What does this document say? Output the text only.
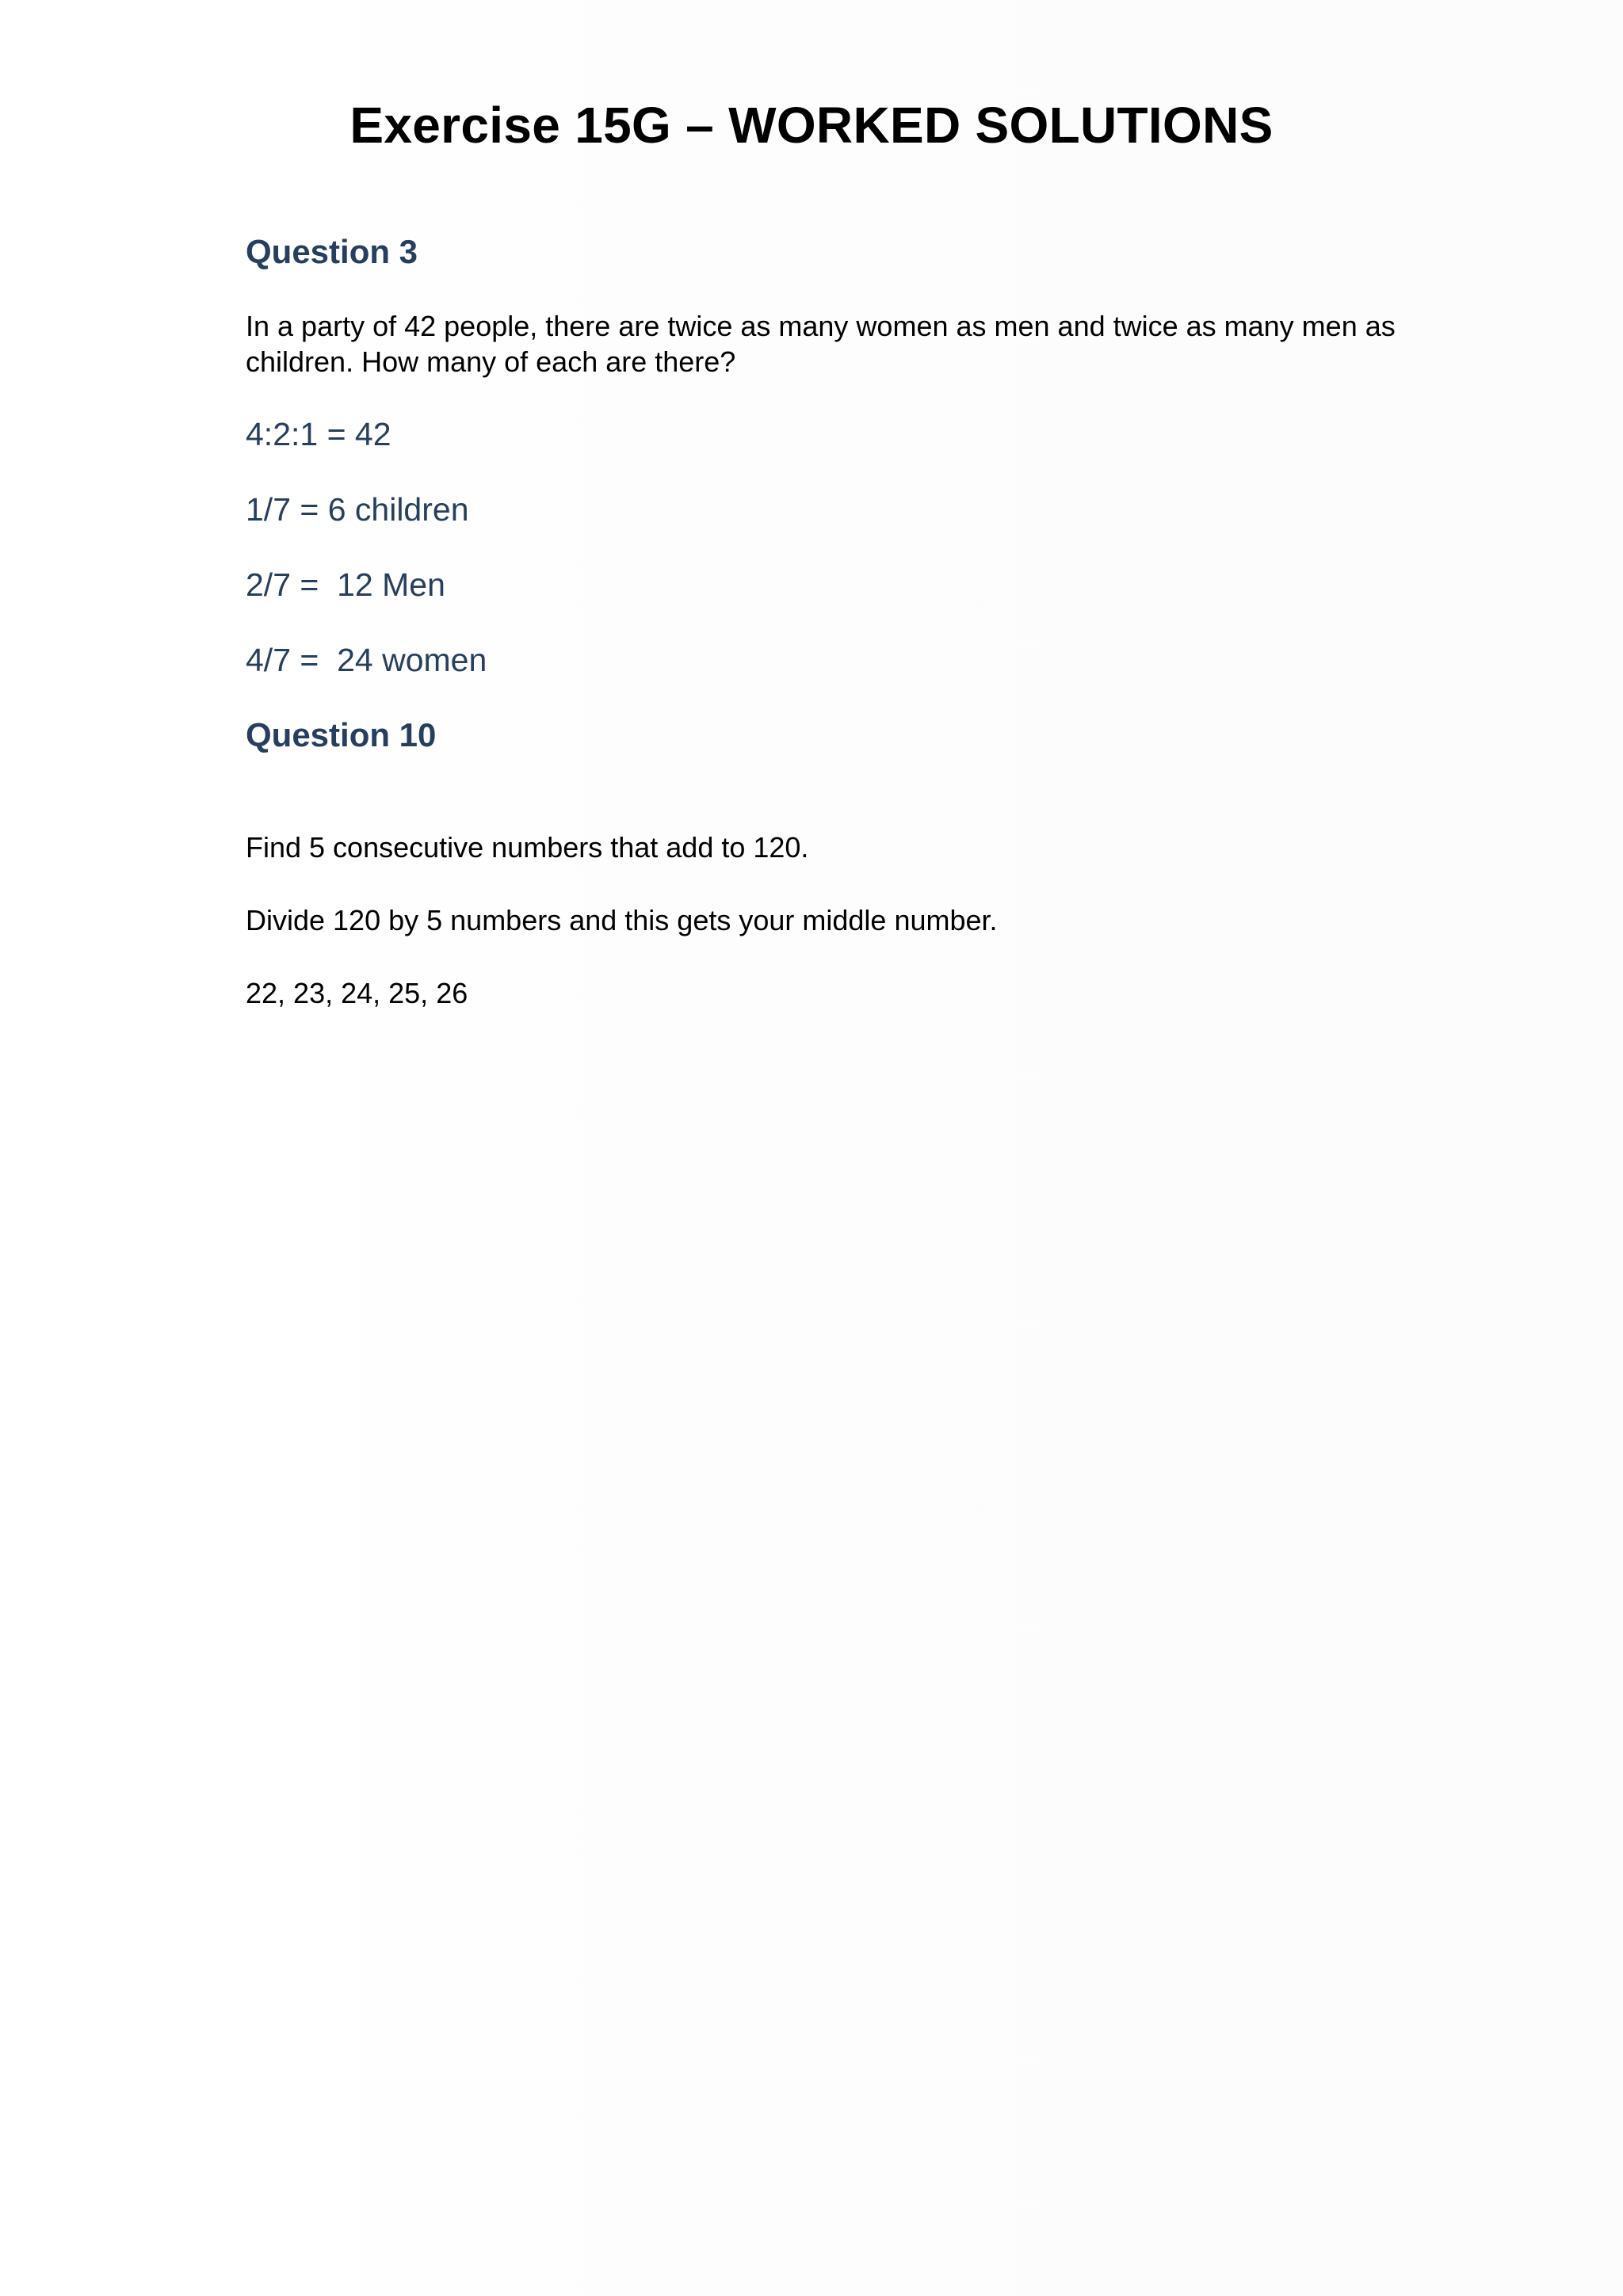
Exercise 15G – WORKED SOLUTIONS
Question 3
In a party of 42 people, there are twice as many women as men and twice as many men as children. How many of each are there?
4:2:1 = 42
1/7 = 6 children
2/7 =  12 Men
4/7 =  24 women
Question 10
Find 5 consecutive numbers that add to 120.
Divide 120 by 5 numbers and this gets your middle number.
22, 23, 24, 25, 26
